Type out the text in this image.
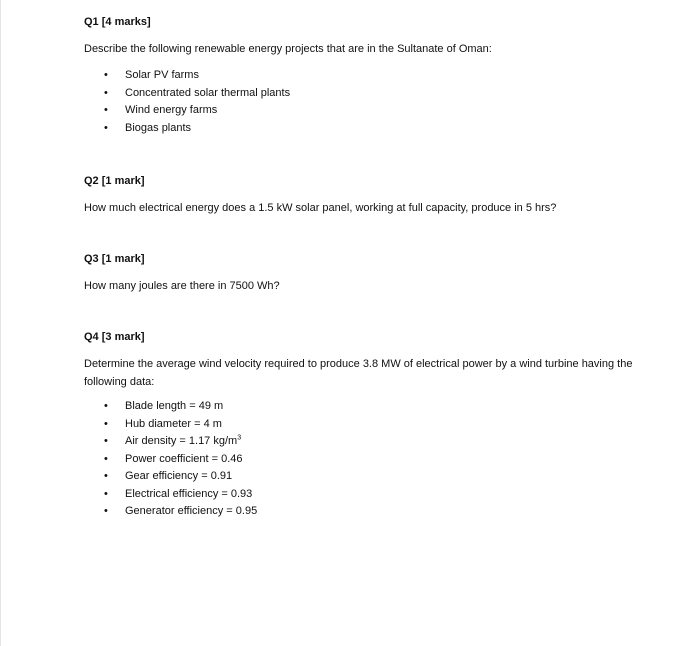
Q1 [4 marks]
Describe the following renewable energy projects that are in the Sultanate of Oman:
• Solar PV farms
• Concentrated solar thermal plants
• Wind energy farms
• Biogas plants
Q2 [1 mark]
How much electrical energy does a 1.5 kW solar panel, working at full capacity, produce in 5 hrs?
Q3 [1 mark]
How many joules are there in 7500 Wh?
Q4 [3 mark]
Determine the average wind velocity required to produce 3.8 MW of electrical power by a wind turbine having the following data:
• Blade length = 49 m
• Hub diameter = 4 m
• Air density = 1.17 $kg/m^3$
• Power coefficient = 0.46
• Gear efficiency = 0.91
• Electrical efficiency = 0.93
• Generator efficiency = 0.95
